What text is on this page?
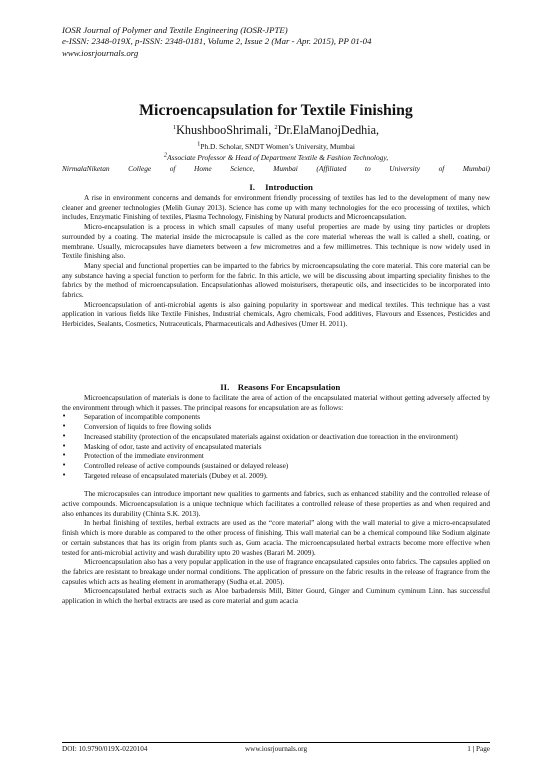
IOSR Journal of Polymer and Textile Engineering (IOSR-JPTE)
e-ISSN: 2348-019X, p-ISSN: 2348-0181, Volume 2, Issue 2 (Mar - Apr. 2015), PP 01-04
www.iosrjournals.org
Microencapsulation for Textile Finishing
$^1$KhushbooShrimali, $^2$Dr.ElaManojDedhia,
$^1$Ph.D. Scholar, SNDT Women’s University, Mumbai
$^2$Associate Professor & Head of Department Textile & Fashion Technology,
NirmalaNiketan College of Home Science, Mumbai (Affiliated to University of Mumbai)
I. Introduction

A rise in environment concerns and demands for environment friendly processing of textiles has led to the development of many new cleaner and greener technologies (Melih Gunay 2013). Science has come up with many technologies for the eco processing of textiles, which includes, Enzymatic Finishing of textiles, Plasma Technology, Finishing by Natural products and Microencapsulation.

Micro-encapsulation is a process in which small capsules of many useful properties are made by using tiny particles or droplets surrounded by a coating. The material inside the microcapsule is called as the core material whereas the wall is called a shell, coating, or membrane. Usually, microcapsules have diameters between a few micrometres and a few millimetres. This technique is now widely used in Textile finishing also.

Many special and functional properties can be imparted to the fabrics by microencapsulating the core material. This core material can be any substance having a special function to perform for the fabric. In this article, we will be discussing about imparting speciality finishes to the fabrics by the method of microencapsulation. Encapsulationhas allowed moisturisers, therapeutic oils, and insecticides to be incorporated into fabrics.

Microencapsulation of anti-microbial agents is also gaining popularity in sportswear and medical textiles. This technique has a vast application in various fields like Textile Finishes, Industrial chemicals, Agro chemicals, Food additives, Flavours and Essences, Pesticides and Herbicides, Sealants, Cosmetics, Nutraceuticals, Pharmaceuticals and Adhesives (Umer H. 2011).

II. Reasons For Encapsulation

Microencapsulation of materials is done to facilitate the area of action of the encapsulated material without getting adversely affected by the environment through which it passes. The principal reasons for encapsulation are as follows:

• Separation of incompatible components
• Conversion of liquids to free flowing solids
• Increased stability (protection of the encapsulated materials against oxidation or deactivation due toreaction in the environment)
• Masking of odor, taste and activity of encapsulated materials
• Protection of the immediate environment
• Controlled release of active compounds (sustained or delayed release)
• Targeted release of encapsulated materials (Dubey et al. 2009).

The microcapsules can introduce important new qualities to garments and fabrics, such as enhanced stability and the controlled release of active compounds. Microencapsulation is a unique technique which facilitates a controlled release of these properties as and when required and also enhances its durability (Chinta S.K. 2013).

In herbal finishing of textiles, herbal extracts are used as the “core material” along with the wall material to give a micro-encapsulated finish which is more durable as compared to the other process of finishing. This wall material can be a chemical compound like Sodium alginate or certain substances that has its origin from plants such as, Gum acacia. The microencapsulated herbal extracts become more effective when tested for anti-microbial activity and wash durability upto 20 washes (Barari M. 2009).

Microencapsulation also has a very popular application in the use of fragrance encapsulated capsules onto fabrics. The capsules applied on the fabrics are resistant to breakage under normal conditions. The application of pressure on the fabric results in the release of fragrance from the capsules which acts as healing element in aromatherapy (Sudha et.al. 2005).

Microencapsulated herbal extracts such as Aloe barbadensis Mill, Bitter Gourd, Ginger and Cuminum cyminum Linn. has successful application in which the herbal extracts are used as core material and gum acacia

DOI: 10.9790/019X-0220104	www.iosrjournals.org	1 | Page
